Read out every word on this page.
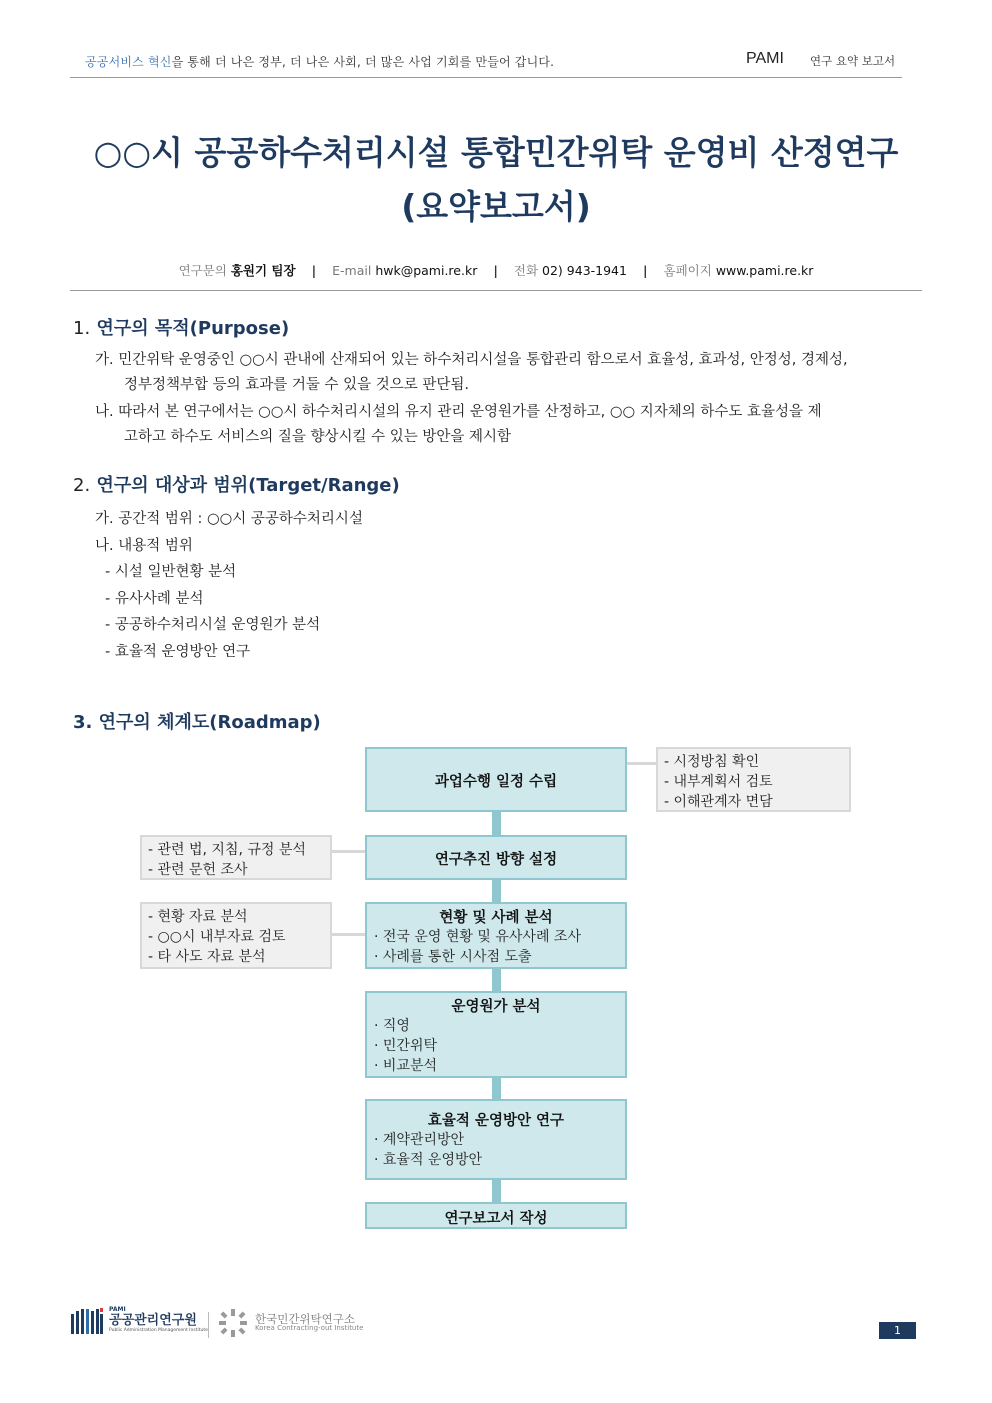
공공서비스 혁신을 통해 더 나은 정부, 더 나은 사회, 더 많은 사업 기회를 만들어 갑니다.	PAMI 연구 요약 보고서
○○시 공공하수처리시설 통합민간위탁 운영비 산정연구
(요약보고서)
연구문의 홍원기 팀장 | E-mail hwk@pami.re.kr | 전화 02) 943-1941 | 홈페이지 www.pami.re.kr
1. 연구의 목적(Purpose)
가. 민간위탁 운영중인 ○○시 관내에 산재되어 있는 하수처리시설을 통합관리 함으로서 효율성, 효과성, 안정성, 경제성,
정부정책부합 등의 효과를 거둘 수 있을 것으로 판단됨.
나. 따라서 본 연구에서는 ○○시 하수처리시설의 유지 관리 운영원가를 산정하고, ○○ 지자체의 하수도 효율성을 제
고하고 하수도 서비스의 질을 향상시킬 수 있는 방안을 제시함
2. 연구의 대상과 범위(Target/Range)
가. 공간적 범위 : ○○시 공공하수처리시설
나. 내용적 범위
- 시설 일반현황 분석
- 유사사례 분석
- 공공하수처리시설 운영원가 분석
- 효율적 운영방안 연구
3. 연구의 체계도(Roadmap)
과업수행 일정 수립
연구추진 방향 설정
현황 및 사례 분석
· 전국 운영 현황 및 유사사례 조사
· 사례를 통한 시사점 도출
운영원가 분석
· 직영
· 민간위탁
· 비교분석
효율적 운영방안 연구
· 계약관리방안
· 효율적 운영방안
연구보고서 작성
- 시정방침 확인
- 내부계획서 검토
- 이해관계자 면담
- 관련 법, 지침, 규정 분석
- 관련 문헌 조사
- 현황 자료 분석
- ○○시 내부자료 검토
- 타 사도 자료 분석
PAMI
공공관리연구원
Public Administration Management Institute
한국민간위탁연구소
Korea Contracting-out Institute	1
